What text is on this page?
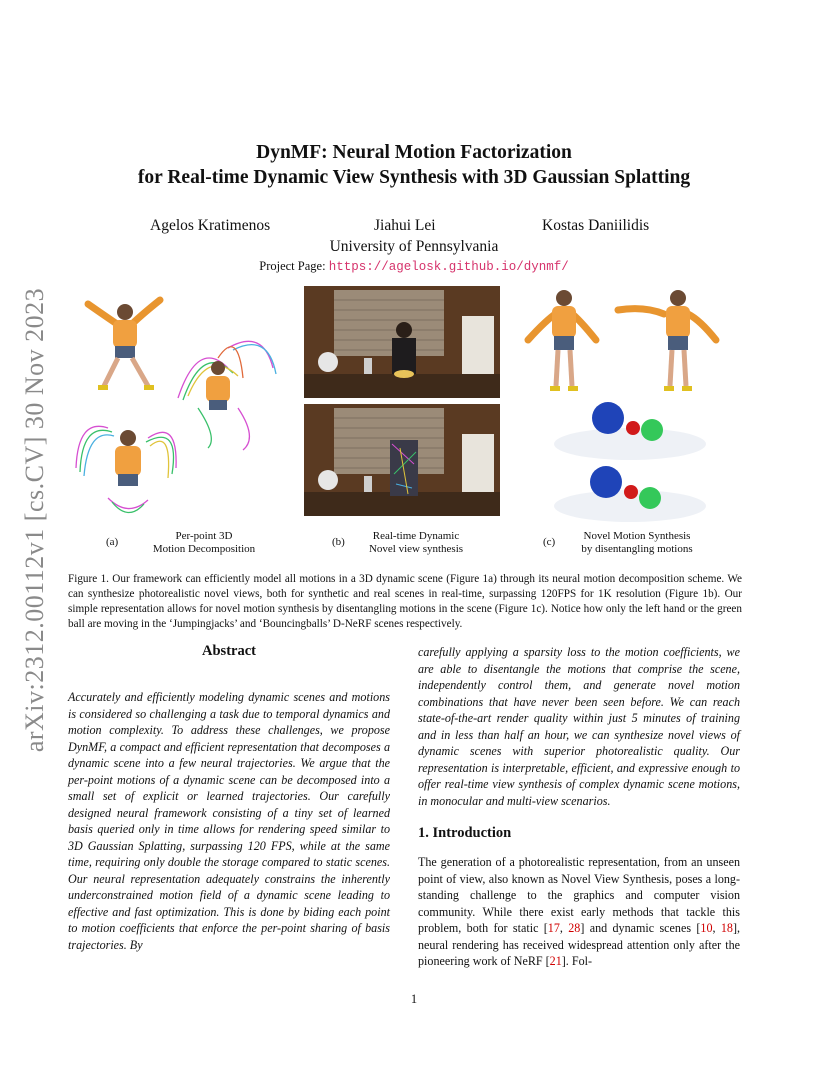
arXiv:2312.00112v1 [cs.CV] 30 Nov 2023
DynMF: Neural Motion Factorization
for Real-time Dynamic View Synthesis with 3D Gaussian Splatting
Agelos Kratimenos	Jiahui Lei	Kostas Daniilidis
University of Pennsylvania
Project Page: https://agelosk.github.io/dynmf/
(a)	Per-point 3D
Motion Decomposition
(b)	Real-time Dynamic
Novel view synthesis
(c)	Novel Motion Synthesis
by disentangling motions
Figure 1. Our framework can efficiently model all motions in a 3D dynamic scene (Figure 1a) through its neural motion decomposition scheme. We can synthesize photorealistic novel views, both for synthetic and real scenes in real-time, surpassing 120FPS for 1K resolution (Figure 1b). Our simple representation allows for novel motion synthesis by disentangling motions in the scene (Figure 1c). Notice how only the left hand or the green ball are moving in the ‘Jumpingjacks’ and ‘Bouncingballs’ D-NeRF scenes respectively.
Abstract
Accurately and efficiently modeling dynamic scenes and motions is considered so challenging a task due to temporal dynamics and motion complexity. To address these challenges, we propose DynMF, a compact and efficient representation that decomposes a dynamic scene into a few neural trajectories. We argue that the per-point motions of a dynamic scene can be decomposed into a small set of explicit or learned trajectories. Our carefully designed neural framework consisting of a tiny set of learned basis queried only in time allows for rendering speed similar to 3D Gaussian Splatting, surpassing 120 FPS, while at the same time, requiring only double the storage compared to static scenes. Our neural representation adequately constrains the inherently underconstrained motion field of a dynamic scene leading to effective and fast optimization. This is done by biding each point to motion coefficients that enforce the per-point sharing of basis trajectories. By
carefully applying a sparsity loss to the motion coefficients, we are able to disentangle the motions that comprise the scene, independently control them, and generate novel motion combinations that have never been seen before. We can reach state-of-the-art render quality within just 5 minutes of training and in less than half an hour, we can synthesize novel views of dynamic scenes with superior photorealistic quality. Our representation is interpretable, efficient, and expressive enough to offer real-time view synthesis of complex dynamic scene motions, in monocular and multi-view scenarios.
1. Introduction
The generation of a photorealistic representation, from an unseen point of view, also known as Novel View Synthesis, poses a long-standing challenge to the graphics and computer vision community. While there exist early methods that tackle this problem, both for static [17, 28] and dynamic scenes [10, 18], neural rendering has received widespread attention only after the pioneering work of NeRF [21]. Fol-
1
